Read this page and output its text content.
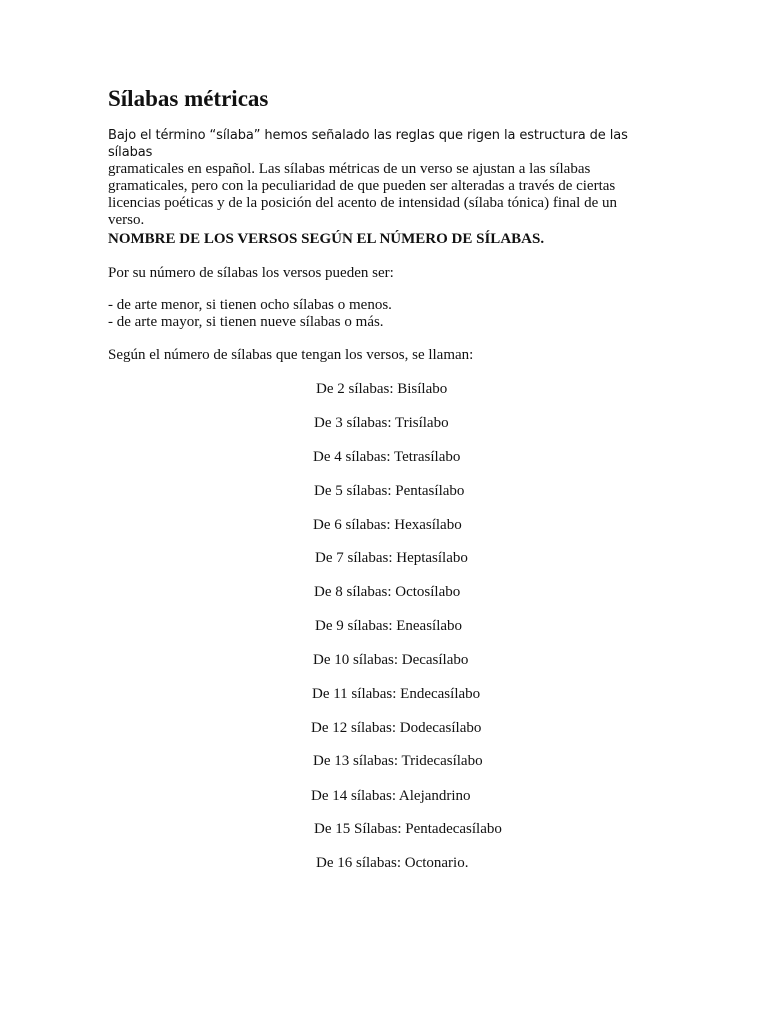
Sílabas métricas

Bajo el término “sílaba” hemos señalado las reglas que rigen la estructura de las sílabas
gramaticales en español. Las sílabas métricas de un verso se ajustan a las sílabas gramaticales, pero con la peculiaridad de que pueden ser alteradas a través de ciertas licencias poéticas y de la posición del acento de intensidad (sílaba tónica) final de un verso.

NOMBRE DE LOS VERSOS SEGÚN EL NÚMERO DE SÍLABAS.

Por su número de sílabas los versos pueden ser:

- de arte menor, si tienen ocho sílabas o menos.

- de arte mayor, si tienen nueve sílabas o más.

Según el número de sílabas que tengan los versos, se llaman:

De 2 sílabas: Bisílabo
De 3 sílabas: Trisílabo
De 4 sílabas: Tetrasílabo
De 5 sílabas: Pentasílabo
De 6 sílabas: Hexasílabo
De 7 sílabas: Heptasílabo
De 8 sílabas: Octosílabo
De 9 sílabas: Eneasílabo
De 10 sílabas: Decasílabo
De 11 sílabas: Endecasílabo
De 12 sílabas: Dodecasílabo
De 13 sílabas: Tridecasílabo
De 14 sílabas: Alejandrino
De 15 Sílabas: Pentadecasílabo
De 16 sílabas: Octonario.
